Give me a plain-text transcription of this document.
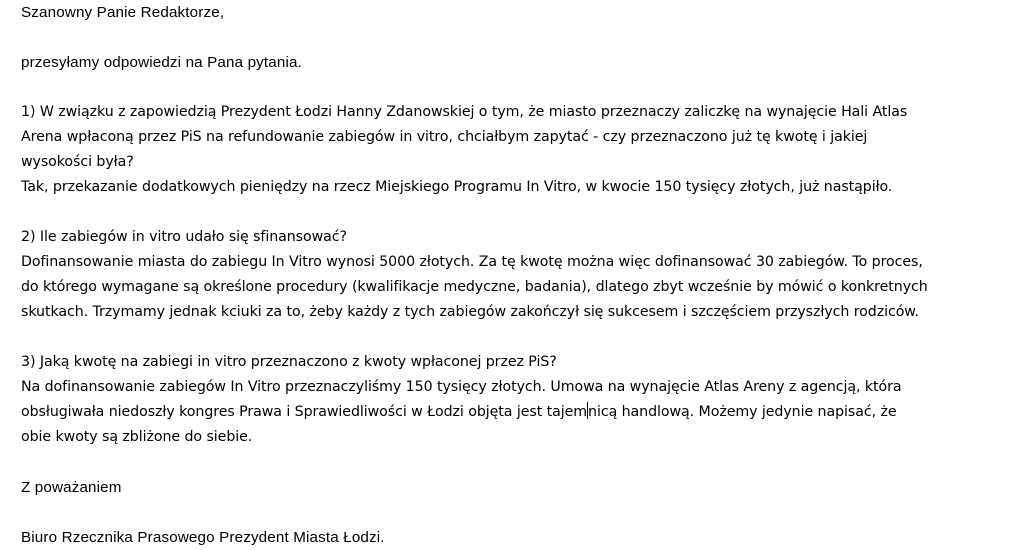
Szanowny Panie Redaktorze,

przesyłamy odpowiedzi na Pana pytania.

1) W związku z zapowiedzią Prezydent Łodzi Hanny Zdanowskiej o tym, że miasto przeznaczy zaliczkę na wynajęcie Hali Atlas
Arena wpłaconą przez PiS na refundowanie zabiegów in vitro, chciałbym zapytać - czy przeznaczono już tę kwotę i jakiej
wysokości była?
Tak, przekazanie dodatkowych pieniędzy na rzecz Miejskiego Programu In Vitro, w kwocie 150 tysięcy złotych, już nastąpiło.

2) Ile zabiegów in vitro udało się sfinansować?
Dofinansowanie miasta do zabiegu In Vitro wynosi 5000 złotych. Za tę kwotę można więc dofinansować 30 zabiegów. To proces,
do którego wymagane są określone procedury (kwalifikacje medyczne, badania), dlatego zbyt wcześnie by mówić o konkretnych
skutkach. Trzymamy jednak kciuki za to, żeby każdy z tych zabiegów zakończył się sukcesem i szczęściem przyszłych rodziców.

3) Jaką kwotę na zabiegi in vitro przeznaczono z kwoty wpłaconej przez PiS?
Na dofinansowanie zabiegów In Vitro przeznaczyliśmy 150 tysięcy złotych. Umowa na wynajęcie Atlas Areny z agencją, która
obsługiwała niedoszły kongres Prawa i Sprawiedliwości w Łodzi objęta jest tajemnicą handlową. Możemy jedynie napisać, że
obie kwoty są zbliżone do siebie.

Z poważaniem

Biuro Rzecznika Prasowego Prezydent Miasta Łodzi.
